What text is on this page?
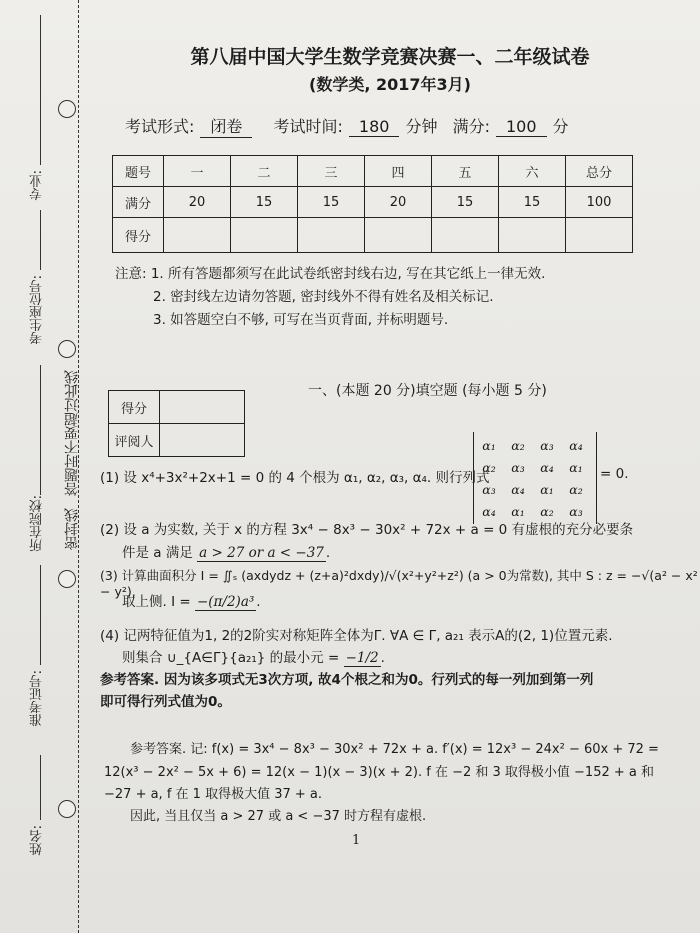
专业:
考生座位号:
所在院校:
准考证号:
姓名:
答题时不要超过此线
密封线
第八届中国大学生数学竞赛决赛一、二年级试卷
(数学类, 2017年3月)
考试形式: 闭卷 考试时间: 180 分钟 满分: 100 分
题号	一	二	三	四	五	六	总分
满分	20	15	15	20	15	15	100
得分							
注意: 1. 所有答题都须写在此试卷纸密封线右边, 写在其它纸上一律无效.
2. 密封线左边请勿答题, 密封线外不得有姓名及相关标记.
3. 如答题空白不够, 可写在当页背面, 并标明题号.
一、(本题 20 分)填空题 (每小题 5 分)
得分	
评阅人	
(1) 设 x⁴+3x²+2x+1 = 0 的 4 个根为 α₁, α₂, α₃, α₄. 则行列式
α₁	α₂	α₃	α₄
α₂	α₃	α₄	α₁
α₃	α₄	α₁	α₂
α₄	α₁	α₂	α₃
= 0.
(2) 设 a 为实数, 关于 x 的方程 3x⁴ − 8x³ − 30x² + 72x + a = 0 有虚根的充分必要条
件是 a 满足 a > 27 or a < −37 .
(3) 计算曲面积分 I = ∬ₛ (axdydz + (z+a)²dxdy)/√(x²+y²+z²) (a > 0为常数), 其中 S : z = −√(a² − x² − y²),
取上侧. I = −(π/2)a³ .
(4) 记两特征值为1, 2的2阶实对称矩阵全体为Γ. ∀A ∈ Γ, a₂₁ 表示A的(2, 1)位置元素.
则集合 ∪_{A∈Γ}{a₂₁} 的最小元 = −1/2 .
参考答案. 因为该多项式无3次方项, 故4个根之和为0。行列式的每一列加到第一列
即可得行列式值为0。
参考答案. 记: f(x) = 3x⁴ − 8x³ − 30x² + 72x + a. f′(x) = 12x³ − 24x² − 60x + 72 =
12(x³ − 2x² − 5x + 6) = 12(x − 1)(x − 3)(x + 2). f 在 −2 和 3 取得极小值 −152 + a 和
−27 + a, f 在 1 取得极大值 37 + a.
因此, 当且仅当 a > 27 或 a < −37 时方程有虚根.
1
